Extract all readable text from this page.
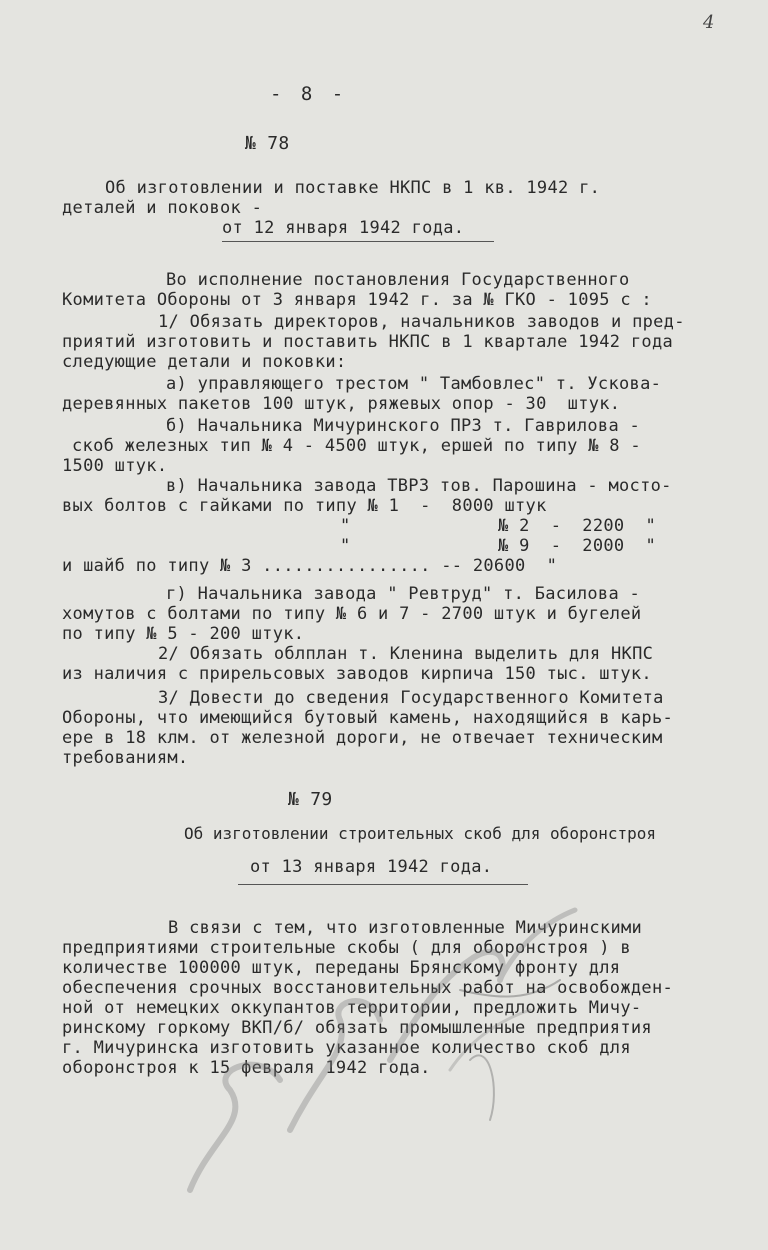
4
- 8 -
№ 78
Об изготовлении и поставке НКПС в 1 кв. 1942 г.
деталей и поковок -
от 12 января 1942 года.
Во исполнение постановления Государственного
Комитета Обороны от 3 января 1942 г. за № ГКО - 1095 с :
1/ Обязать директоров, начальников заводов и пред-
приятий изготовить и поставить НКПС в 1 квартале 1942 года
следующие детали и поковки:
а) управляющего трестом " Тамбовлес" т. Ускова-
деревянных пакетов 100 штук, ряжевых опор - 30  штук.
б) Начальника Мичуринского ПРЗ т. Гаврилова -
скоб железных тип № 4 - 4500 штук, ершей по типу № 8 -
1500 штук.
в) Начальника завода ТВРЗ тов. Парошина - мосто-
вых болтов с гайками по типу № 1  -  8000 штук
"              № 2  -  2200  "
"              № 9  -  2000  "
и шайб по типу № 3 ................ -- 20600  "
г) Начальника завода " Ревтруд" т. Басилова -
хомутов с болтами по типу № 6 и 7 - 2700 штук и бугелей
по типу № 5 - 200 штук.
2/ Обязать облплан т. Кленина выделить для НКПС
из наличия с прирельсовых заводов кирпича 150 тыс. штук.
3/ Довести до сведения Государственного Комитета
Обороны, что имеющийся бутовый камень, находящийся в карь-
ере в 18 клм. от железной дороги, не отвечает техническим
требованиям.
№ 79
Об изготовлении строительных скоб для оборонстроя
от 13 января 1942 года.
В связи с тем, что изготовленные Мичуринскими
предприятиями строительные скобы ( для оборонстроя ) в
количестве 100000 штук, переданы Брянскому фронту для
обеспечения срочных восстановительных работ на освобожден-
ной от немецких оккупантов территории, предложить Мичу-
ринскому горкому ВКП/б/ обязать промышленные предприятия
г. Мичуринска изготовить указанное количество скоб для
оборонстроя к 15 февраля 1942 года.
